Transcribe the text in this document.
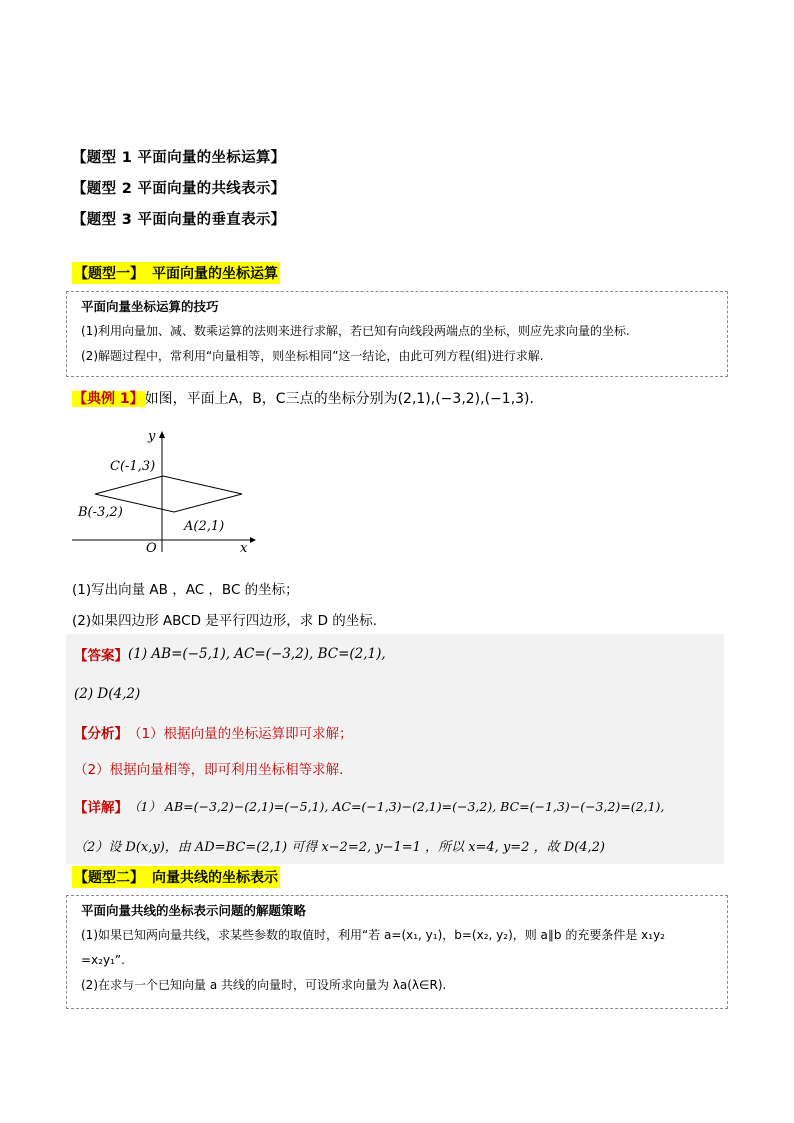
【题型 1 平面向量的坐标运算】
【题型 2 平面向量的共线表示】
【题型 3 平面向量的垂直表示】
【题型一】 平面向量的坐标运算
平面向量坐标运算的技巧
(1)利用向量加、减、数乘运算的法则来进行求解，若已知有向线段两端点的坐标，则应先求向量的坐标.
(2)解题过程中，常利用“向量相等，则坐标相同”这一结论，由此可列方程(组)进行求解.
【典例 1】如图，平面上A，B，C三点的坐标分别为(2,1),(−3,2),(−1,3).
y
x
O
C(-1,3)
B(-3,2)
A(2,1)
(1)写出向量 AB ，AC ，BC 的坐标；
(2)如果四边形 ABCD 是平行四边形，求 D 的坐标.
【答案】 (1) AB=(−5,1), AC=(−3,2), BC=(2,1),
(2) D(4,2)
【分析】 （1）根据向量的坐标运算即可求解；
（2）根据向量相等，即可利用坐标相等求解.
【详解】 （1） AB=(−3,2)−(2,1)=(−5,1), AC=(−1,3)−(2,1)=(−3,2), BC=(−1,3)−(−3,2)=(2,1),
（2）设 D(x,y)，由 AD=BC=(2,1) 可得 x−2=2, y−1=1 ，所以 x=4, y=2 ，故 D(4,2)
【题型二】 向量共线的坐标表示
平面向量共线的坐标表示问题的解题策略
(1)如果已知两向量共线，求某些参数的取值时，利用“若 a=(x₁, y₁)，b=(x₂, y₂)，则 a∥b 的充要条件是 x₁y₂
=x₂y₁”.
(2)在求与一个已知向量 a 共线的向量时，可设所求向量为 λa(λ∈R).
